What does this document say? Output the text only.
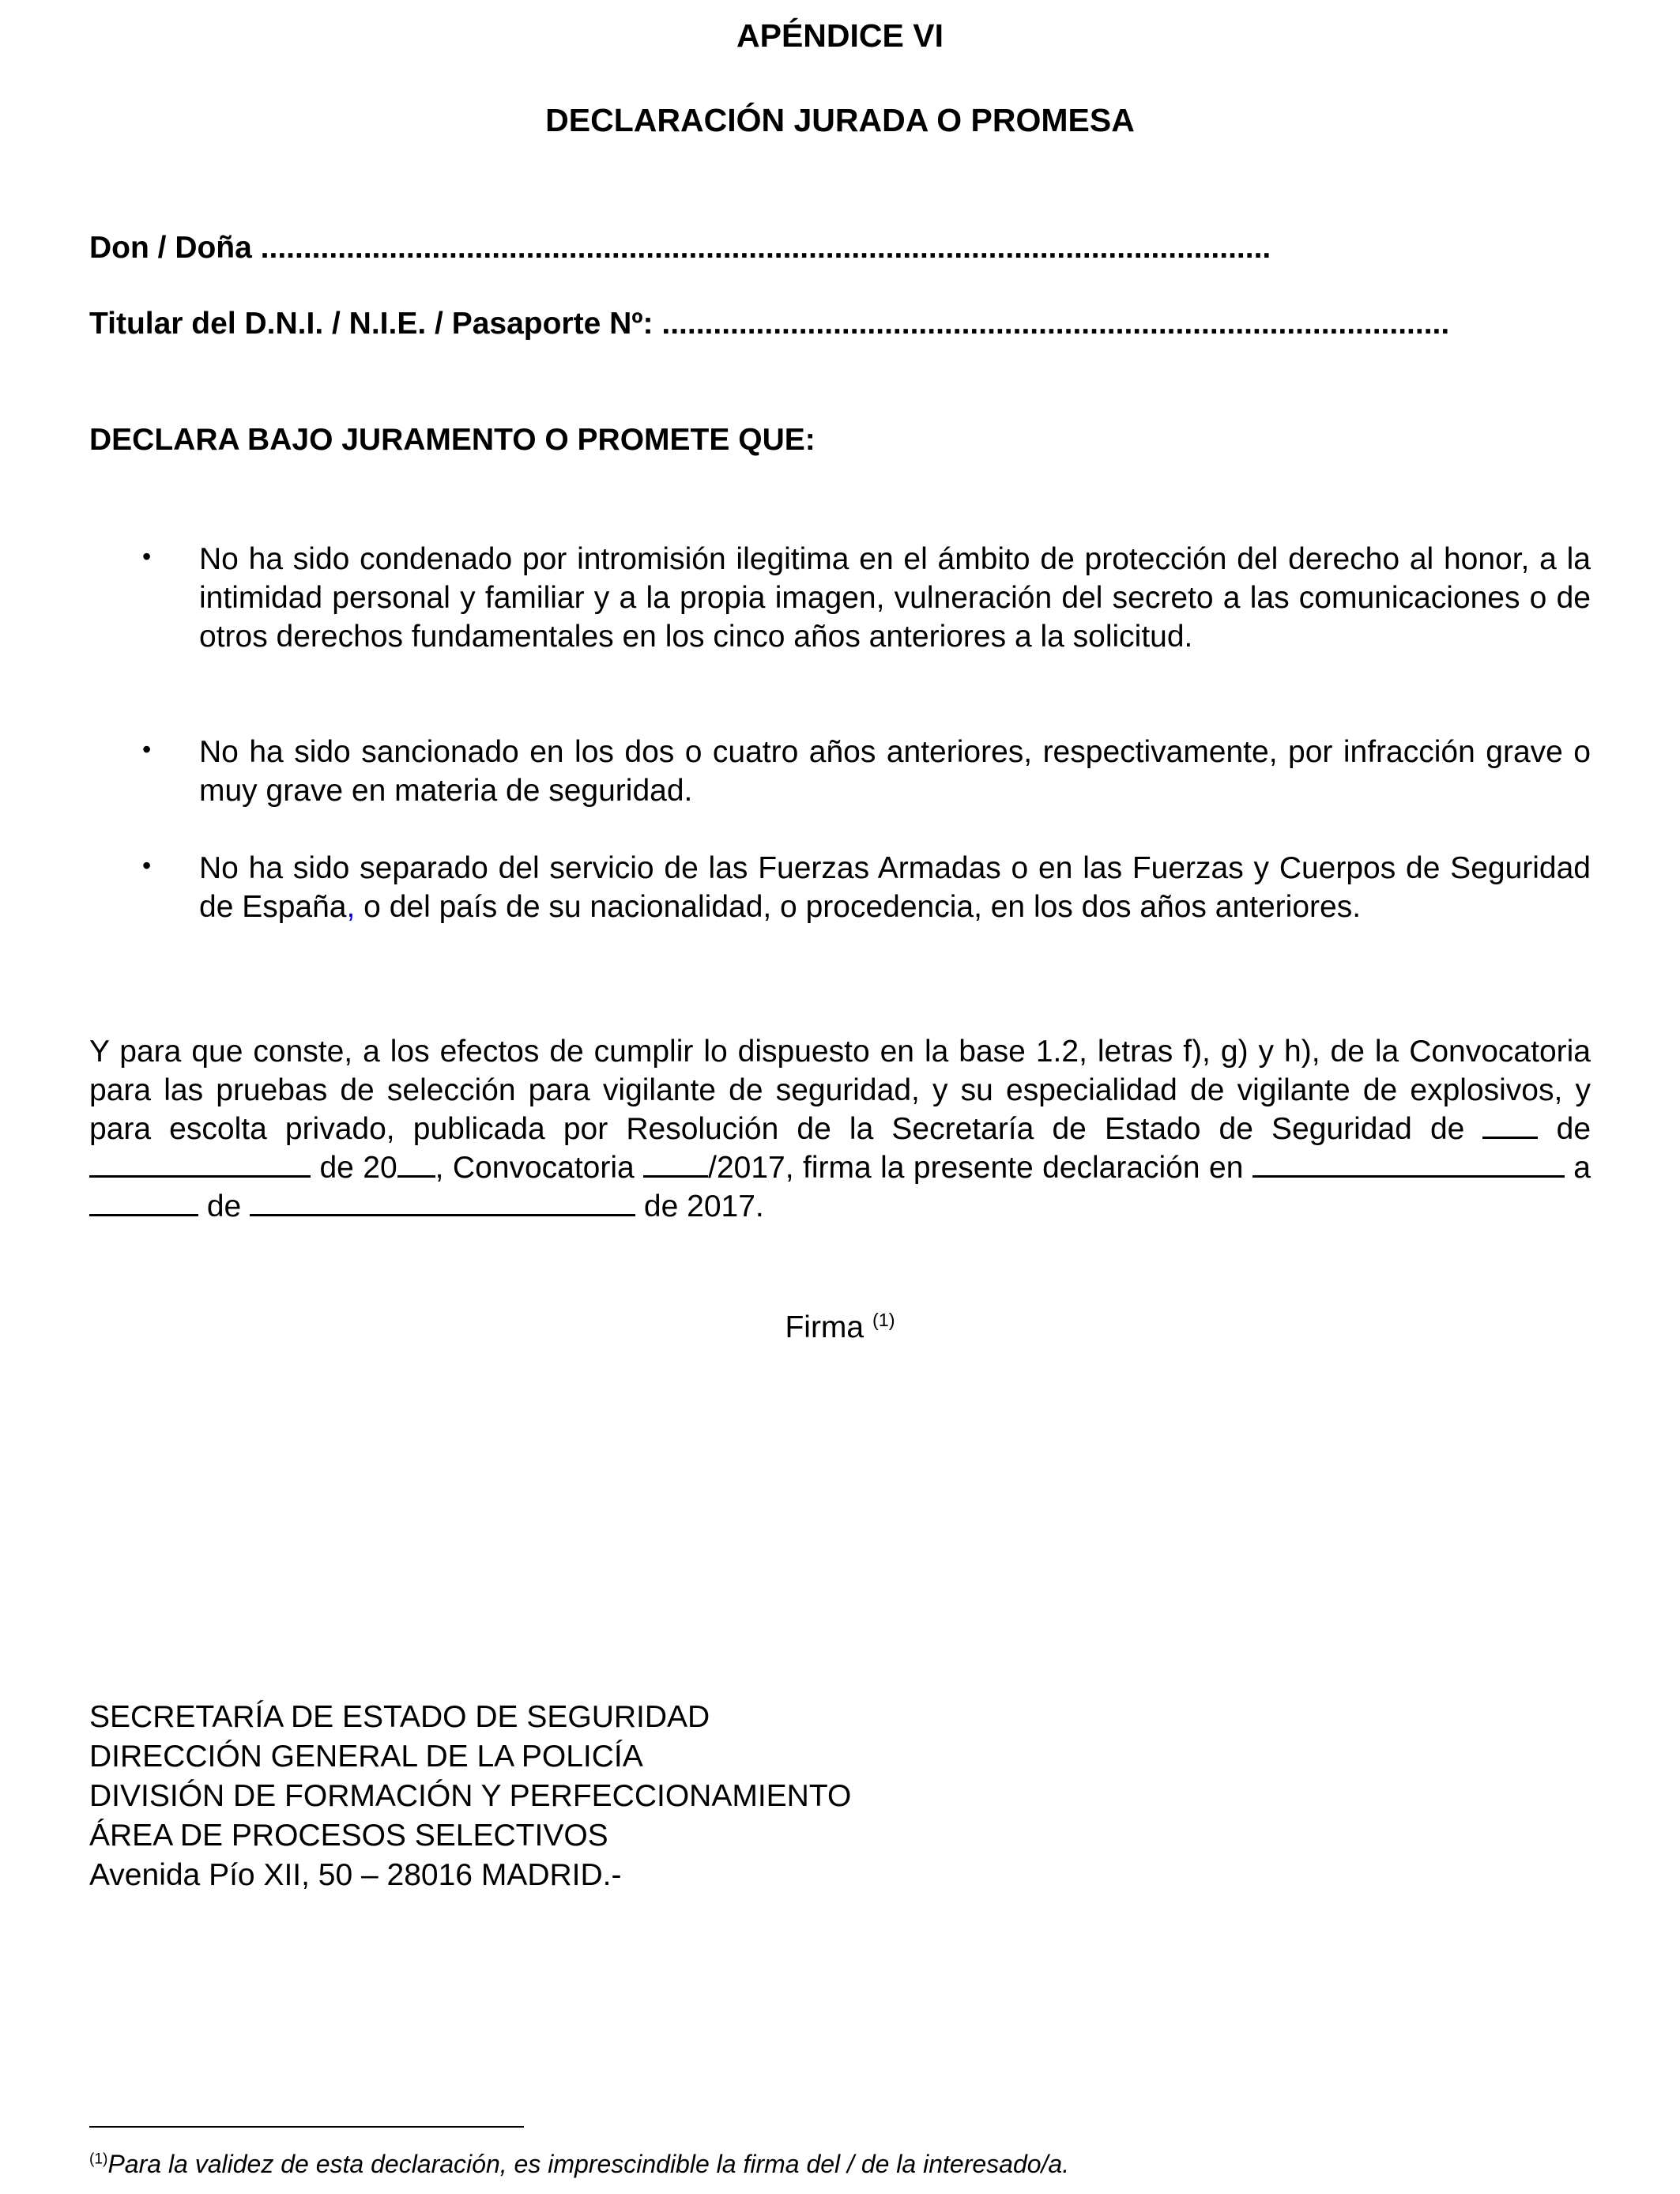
APÉNDICE VI
DECLARACIÓN JURADA O PROMESA
Don / Doña ......................................................................................................................
Titular del D.N.I. / N.I.E. / Pasaporte Nº: ............................................................................................
DECLARA BAJO JURAMENTO O PROMETE QUE:
• No ha sido condenado por intromisión ilegitima en el ámbito de protección del derecho al honor, a la intimidad personal y familiar y a la propia imagen, vulneración del secreto a las comunicaciones o de otros derechos fundamentales en los cinco años anteriores a la solicitud.
• No ha sido sancionado en los dos o cuatro años anteriores, respectivamente, por infracción grave o muy grave en materia de seguridad.
• No ha sido separado del servicio de las Fuerzas Armadas o en las Fuerzas y Cuerpos de Seguridad de España, o del país de su nacionalidad, o procedencia, en los dos años anteriores.
Y para que conste, a los efectos de cumplir lo dispuesto en la base 1.2, letras f), g) y h), de la Convocatoria para las pruebas de selección para vigilante de seguridad, y su especialidad de vigilante de explosivos, y para escolta privado, publicada por Resolución de la Secretaría de Estado de Seguridad de	de  de 20 , Convocatoria /2017, firma la presente declaración en	a  de	de 2017.
Firma $^{(1)}$
SECRETARÍA DE ESTADO DE SEGURIDAD
DIRECCIÓN GENERAL DE LA POLICÍA
DIVISIÓN DE FORMACIÓN Y PERFECCIONAMIENTO
ÁREA DE PROCESOS SELECTIVOS
Avenida Pío XII, 50 – 28016 MADRID.-
$^{(1)}$Para la validez de esta declaración, es imprescindible la firma del / de la interesado/a.
